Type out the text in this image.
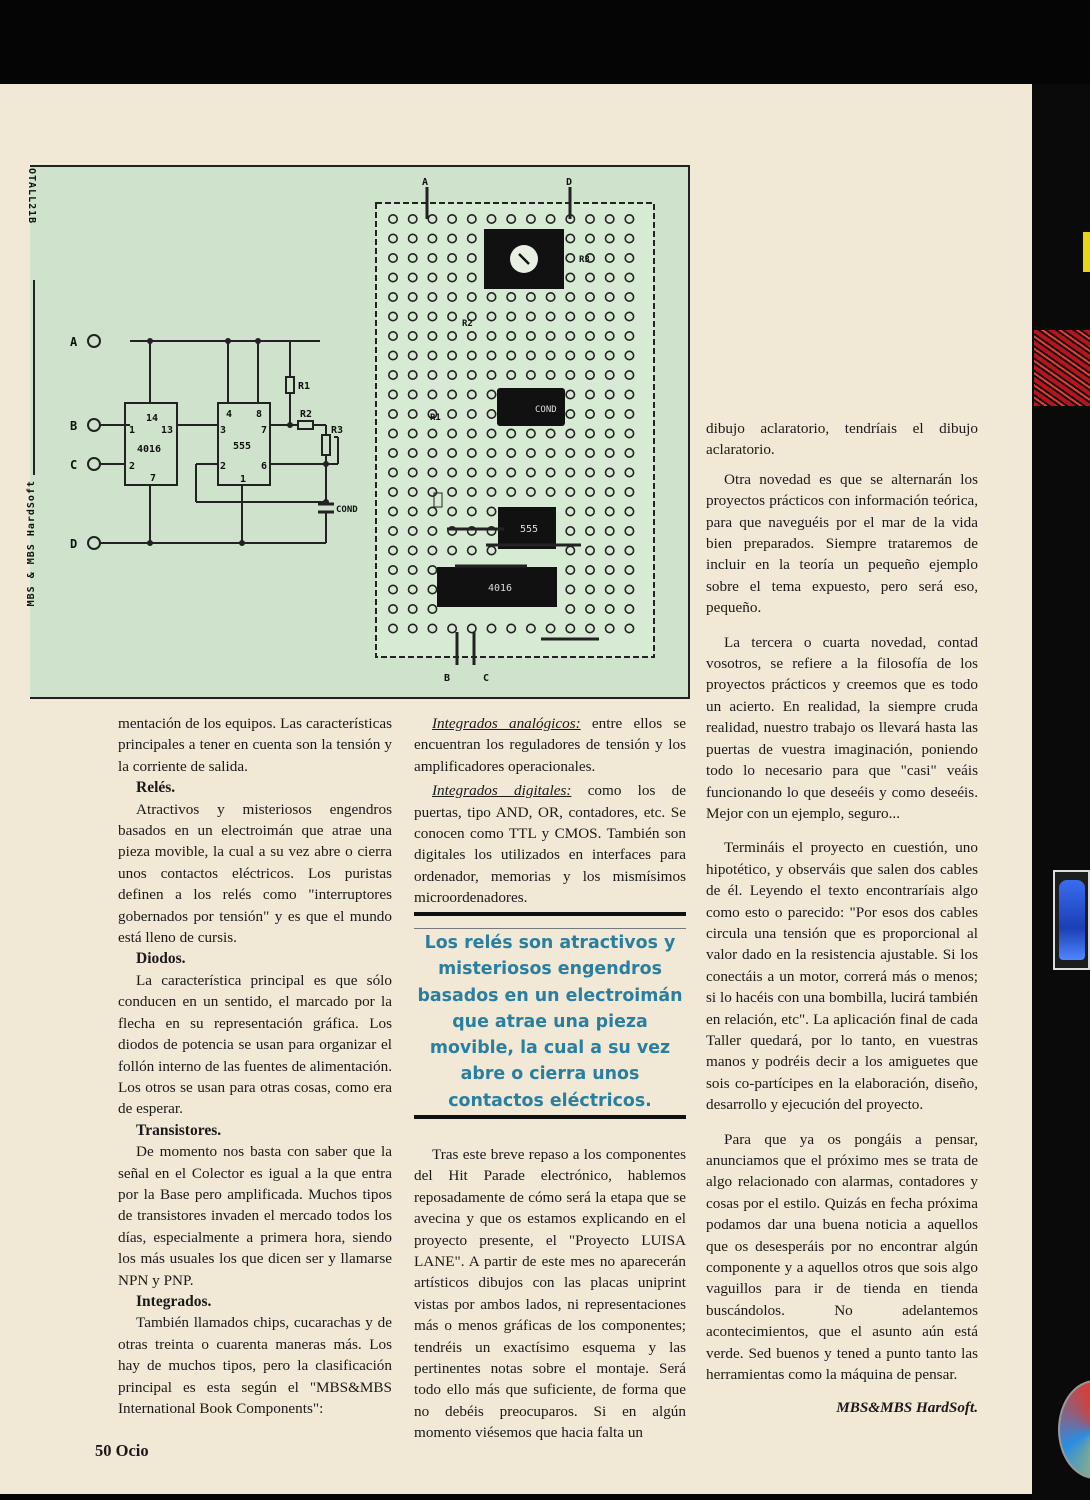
A
B
C
D
14
1	13
2
7
4016
4 8
3	7
2	6
1
555
R1
R2
R3
COND
A	D
B	C
R3
R2
R1
COND
555
4016
OTALL21B
MBS & MBS HardSoft

mentación de los equipos. Las características principales a tener en cuenta son la tensión y la corriente de salida.

Relés.

Atractivos y misteriosos engendros basados en un electroimán que atrae una pieza movible, la cual a su vez abre o cierra unos contactos eléctricos. Los puristas definen a los relés como "interruptores gobernados por tensión" y es que el mundo está lleno de cursis.

Diodos.

La característica principal es que sólo conducen en un sentido, el marcado por la flecha en su representación gráfica. Los diodos de potencia se usan para organizar el follón interno de las fuentes de alimentación. Los otros se usan para otras cosas, como era de esperar.

Transistores.

De momento nos basta con saber que la señal en el Colector es igual a la que entra por la Base pero amplificada. Muchos tipos de transistores invaden el mercado todos los días, especialmente a primera hora, siendo los más usuales los que dicen ser y llamarse NPN y PNP.

Integrados.

También llamados chips, cucarachas y de otras treinta o cuarenta maneras más. Los hay de muchos tipos, pero la clasificación principal es esta según el "MBS&MBS International Book Components":

Integrados analógicos: entre ellos se encuentran los reguladores de tensión y los amplificadores operacionales.

Integrados digitales: como los de puertas, tipo AND, OR, contadores, etc. Se conocen como TTL y CMOS. También son digitales los utilizados en interfaces para ordenador, memorias y los mismísimos microordenadores.

Los relés son atractivos y misteriosos engendros basados en un electroimán que atrae una pieza movible, la cual a su vez abre o cierra unos contactos eléctricos.

Tras este breve repaso a los componentes del Hit Parade electrónico, hablemos reposadamente de cómo será la etapa que se avecina y que os estamos explicando en el proyecto presente, el "Proyecto LUISA LANE". A partir de este mes no aparecerán artísticos dibujos con las placas uniprint vistas por ambos lados, ni representaciones más o menos gráficas de los componentes; tendréis un exactísimo esquema y las pertinentes notas sobre el montaje. Será todo ello más que suficiente, de forma que no debéis preocuparos. Si en algún momento viésemos que hacia falta un

dibujo aclaratorio, tendríais el dibujo aclaratorio.

Otra novedad es que se alternarán los proyectos prácticos con información teórica, para que naveguéis por el mar de la vida bien preparados. Siempre trataremos de incluir en la teoría un pequeño ejemplo sobre el tema expuesto, pero será eso, pequeño.

La tercera o cuarta novedad, contad vosotros, se refiere a la filosofía de los proyectos prácticos y creemos que es todo un acierto. En realidad, la siempre cruda realidad, nuestro trabajo os llevará hasta las puertas de vuestra imaginación, poniendo todo lo necesario para que "casi" veáis funcionando lo que deseéis y como deseéis. Mejor con un ejemplo, seguro...

Termináis el proyecto en cuestión, uno hipotético, y observáis que salen dos cables de él. Leyendo el texto encontraríais algo como esto o parecido: "Por esos dos cables circula una tensión que es proporcional al valor dado en la resistencia ajustable. Si los conectáis a un motor, correrá más o menos; si lo hacéis con una bombilla, lucirá también en relación, etc". La aplicación final de cada Taller quedará, por lo tanto, en vuestras manos y podréis decir a los amiguetes que sois co-partícipes en la elaboración, diseño, desarrollo y ejecución del proyecto.

Para que ya os pongáis a pensar, anunciamos que el próximo mes se trata de algo relacionado con alarmas, contadores y cosas por el estilo. Quizás en fecha próxima podamos dar una buena noticia a aquellos que os desesperáis por no encontrar algún componente y a aquellos otros que sois algo vaguillos para ir de tienda en tienda buscándolos. No adelantemos acontecimientos, que el asunto aún está verde. Sed buenos y tened a punto tanto las herramientas como la máquina de pensar.

MBS&MBS HardSoft.
50 Ocio
